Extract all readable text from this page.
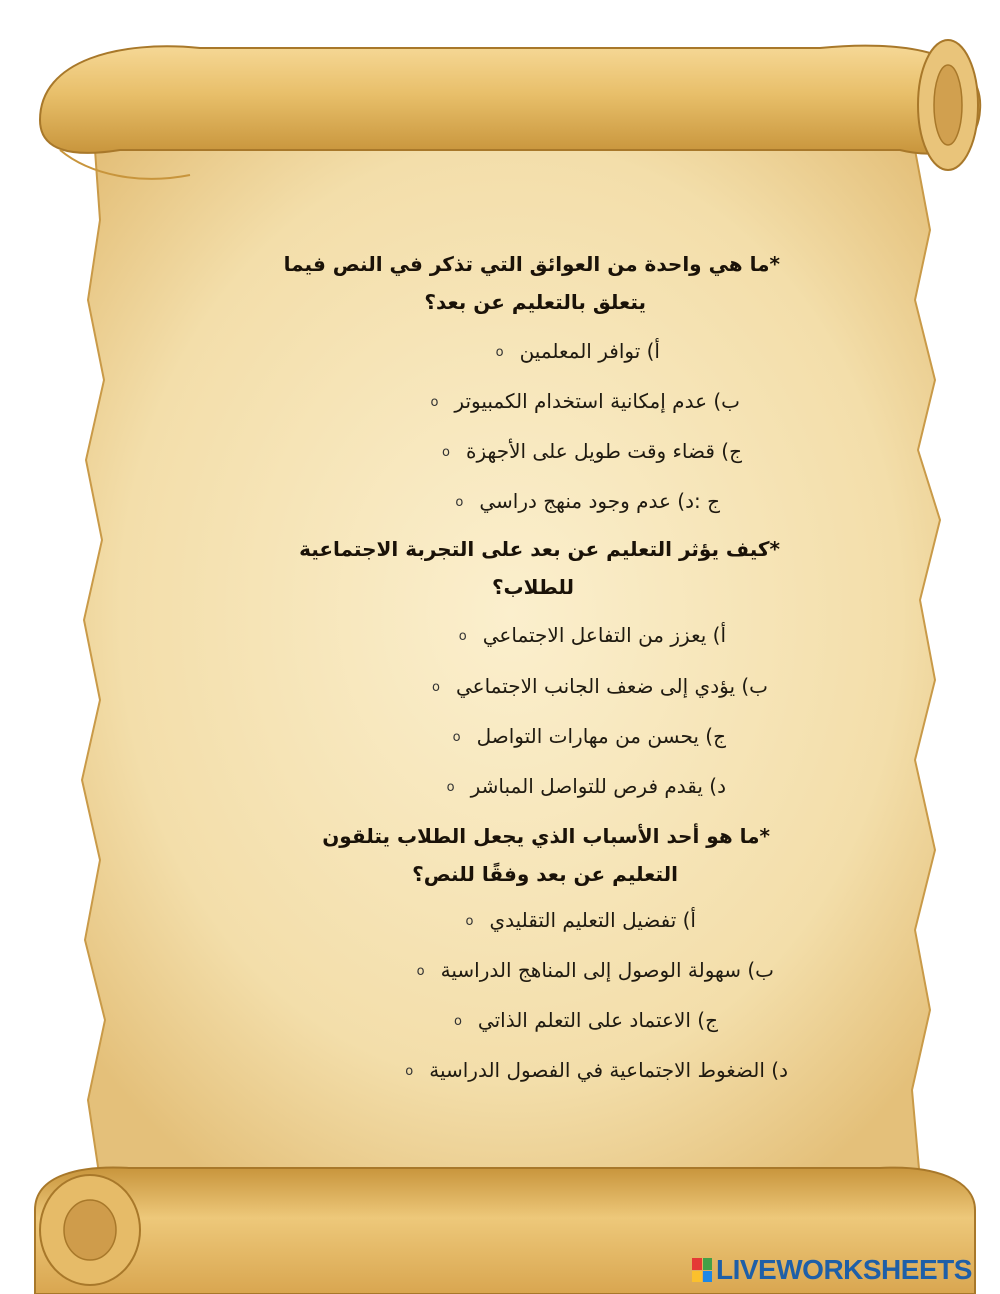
*ما هي واحدة من العوائق التي تذكر في النص فيما
يتعلق بالتعليم عن بعد؟
أ) توافر المعلمينο
ب) عدم إمكانية استخدام الكمبيوترο
ج) قضاء وقت طويل على الأجهزةο
ج :د) عدم وجود منهج دراسيο
*كيف يؤثر التعليم عن بعد على التجربة الاجتماعية
للطلاب؟
أ) يعزز من التفاعل الاجتماعيο
ب) يؤدي إلى ضعف الجانب الاجتماعيο
ج) يحسن من مهارات التواصلο
د) يقدم فرص للتواصل المباشرο
*ما هو أحد الأسباب الذي يجعل الطلاب يتلقون
التعليم عن بعد وفقًا للنص؟
أ) تفضيل التعليم التقليديο
ب) سهولة الوصول إلى المناهج الدراسيةο
ج) الاعتماد على التعلم الذاتيο
د) الضغوط الاجتماعية في الفصول الدراسيةο
LIVEWORKSHEETS
